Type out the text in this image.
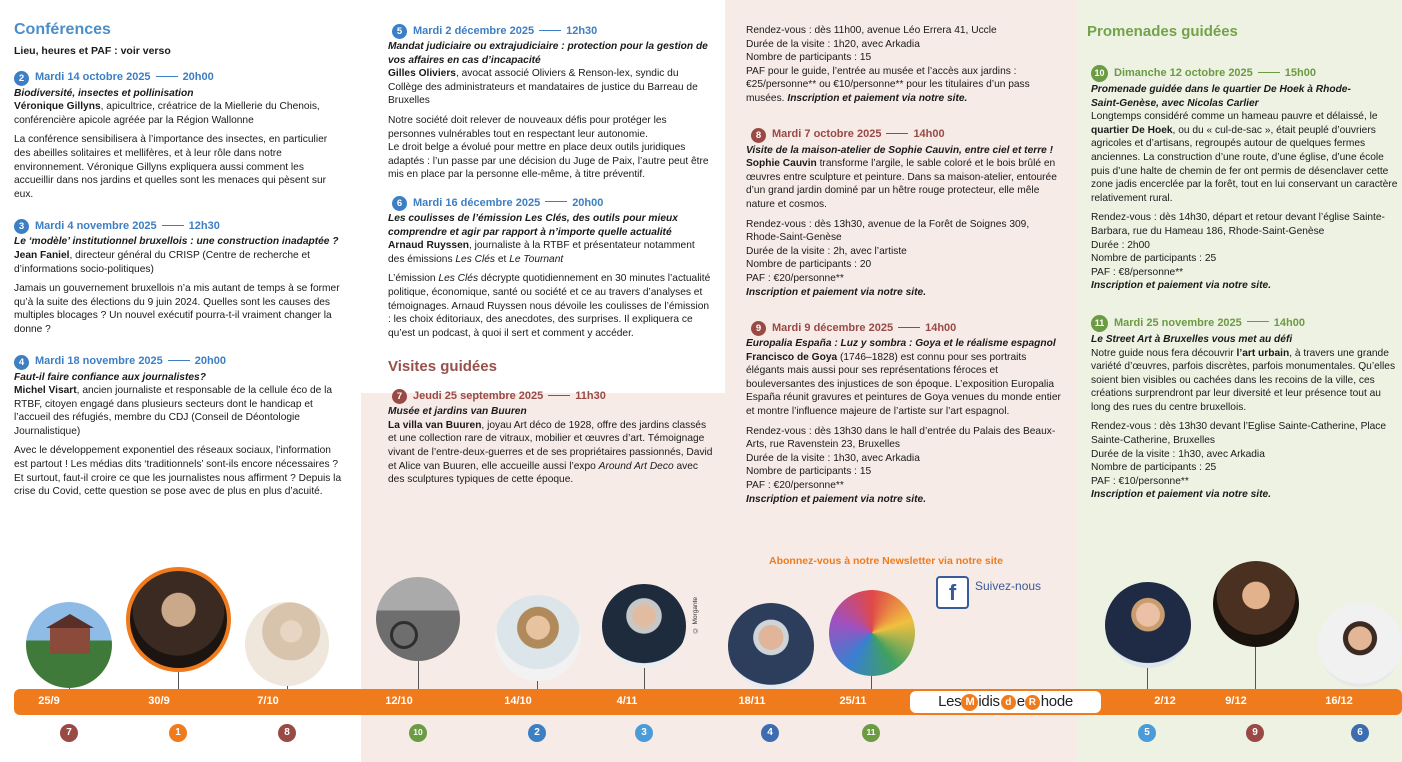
Conférences
Lieu, heures et PAF : voir verso
2 Mardi 14 octobre 2025	20h00
Biodiversité, insectes et pollinisation
Véronique Gillyns, apicultrice, créatrice de la Miellerie du Chenois, conférencière apicole agréée par la Région Wallonne
La conférence sensibilisera à l’importance des insectes, en particulier des abeilles solitaires et mellifères, et à leur rôle dans notre environnement. Véronique Gillyns expliquera aussi comment les accueillir dans nos jardins et quelles sont les menaces qui pèsent sur eux.
3 Mardi 4 novembre 2025	12h30
Le ‘modèle’ institutionnel bruxellois : une construction inadaptée ?
Jean Faniel, directeur général du CRISP (Centre de recherche et d’informations socio-politiques)
Jamais un gouvernement bruxellois n’a mis autant de temps à se former qu’à la suite des élections du 9 juin 2024. Quelles sont les causes des multiples blocages ? Un nouvel exécutif pourra-t-il vraiment changer la donne ?
4 Mardi 18 novembre 2025	20h00
Faut-il faire confiance aux journalistes?
Michel Visart, ancien journaliste et responsable de la cellule éco de la RTBF, citoyen engagé dans plusieurs secteurs dont le handicap et l’accueil des réfugiés, membre du CDJ (Conseil de Déontologie Journalistique)
Avec le développement exponentiel des réseaux sociaux, l’information est partout ! Les médias dits ‘traditionnels’ sont-ils encore nécessaires ? Et surtout, faut-il croire ce que les journalistes nous affirment ? Depuis la crise du Covid, cette question se pose avec de plus en plus d’acuité.
5 Mardi 2 décembre 2025	12h30
Mandat judiciaire ou extrajudiciaire : protection pour la gestion de vos affaires en cas d’incapacité
Gilles Oliviers, avocat associé Oliviers & Renson-lex, syndic du Collège des administrateurs et mandataires de justice du Barreau de Bruxelles
Notre société doit relever de nouveaux défis pour protéger les personnes vulnérables tout en respectant leur autonomie.
Le droit belge a évolué pour mettre en place deux outils juridiques adaptés : l’un passe par une décision du Juge de Paix, l’autre peut être mis en place par la personne elle-même, à titre préventif.
6 Mardi 16 décembre 2025	20h00
Les coulisses de l’émission Les Clés, des outils pour mieux comprendre et agir par rapport à n’importe quelle actualité
Arnaud Ruyssen, journaliste à la RTBF et présentateur notamment des émissions Les Clés et Le Tournant
L’émission Les Clés décrypte quotidiennement en 30 minutes l’actualité politique, économique, santé ou société et ce au travers d’analyses et témoignages. Arnaud Ruyssen nous dévoile les coulisses de l’émission : les choix éditoriaux, des anecdotes, des surprises. Il expliquera ce qu’est un podcast, à quoi il sert et comment y accéder.
Visites guidées
7 Jeudi 25 septembre 2025	11h30
Musée et jardins van Buuren
La villa van Buuren, joyau Art déco de 1928, offre des jardins classés et une collection rare de vitraux, mobilier et œuvres d’art. Témoignage vivant de l’entre-deux-guerres et de ses propriétaires passionnés, David et Alice van Buuren, elle accueille aussi l’expo Around Art Deco avec des sculptures typiques de cette époque.
Rendez-vous : dès 11h00, avenue Léo Errera 41, Uccle
Durée de la visite : 1h20, avec Arkadia
Nombre de participants : 15
PAF pour le guide, l’entrée au musée et l’accès aux jardins : €25/personne** ou €10/personne** pour les titulaires d’un pass musées. Inscription et paiement via notre site.
8 Mardi 7 octobre 2025	14h00
Visite de la maison-atelier de Sophie Cauvin, entre ciel et terre !
Sophie Cauvin transforme l’argile, le sable coloré et le bois brûlé en œuvres entre sculpture et peinture. Dans sa maison-atelier, entourée d’un grand jardin dominé par un hêtre rouge protecteur, elle mêle nature et cosmos.
Rendez-vous : dès 13h30, avenue de la Forêt de Soignes 309, Rhode-Saint-Genèse
Durée de la visite : 2h, avec l’artiste
Nombre de participants : 20
PAF : €20/personne**
Inscription et paiement via notre site.
9 Mardi 9 décembre 2025	14h00
Europalia España : Luz y sombra : Goya et le réalisme espagnol
Francisco de Goya (1746–1828) est connu pour ses portraits élégants mais aussi pour ses représentations féroces et bouleversantes des injustices de son époque. L’exposition Europalia España réunit gravures et peintures de Goya venues du monde entier et montre l’influence majeure de l’artiste sur l’art espagnol.
Rendez-vous : dès 13h30 dans le hall d’entrée du Palais des Beaux-Arts, rue Ravenstein 23, Bruxelles
Durée de la visite : 1h30, avec Arkadia
Nombre de participants : 15
PAF : €20/personne**
Inscription et paiement via notre site.
Abonnez-vous à notre Newsletter via notre site
f	Suivez-nous
Promenades guidées
10 Dimanche 12 octobre 2025	15h00
Promenade guidée dans le quartier De Hoek à Rhode-Saint-Genèse, avec Nicolas Carlier
Longtemps considéré comme un hameau pauvre et délaissé, le quartier De Hoek, ou du « cul-de-sac », était peuplé d’ouvriers agricoles et d’artisans, regroupés autour de quelques fermes anciennes. La construction d’une route, d’une église, d’une école puis d’une halte de chemin de fer ont permis de désenclaver cette zone jadis encerclée par la forêt, tout en lui conservant un caractère relativement rural.
Rendez-vous : dès 14h30, départ et retour devant l’église Sainte-Barbara, rue du Hameau 186, Rhode-Saint-Genèse
Durée : 2h00
Nombre de participants : 25
PAF : €8/personne**
Inscription et paiement via notre site.
11 Mardi 25 novembre 2025	14h00
Le Street Art à Bruxelles vous met au défi
Notre guide nous fera découvrir l’art urbain, à travers une grande variété d’œuvres, parfois discrètes, parfois monumentales. Qu’elles soient bien visibles ou cachées dans les recoins de la ville, ces créations surprendront par leur diversité et leur présence tout au long des rues du centre bruxellois.
Rendez-vous : dès 13h30 devant l’Eglise Sainte-Catherine, Place Sainte-Catherine, Bruxelles
Durée de la visite : 1h30, avec Arkadia
Nombre de participants : 25
PAF : €10/personne**
Inscription et paiement via notre site.
© Morgante
25/9	30/9	7/10	12/10	14/10	4/11	18/11	25/11	2/12	9/12	16/12
Les M idis d e R hode
7	1	8	10	2	3	4	11	5	9	6
